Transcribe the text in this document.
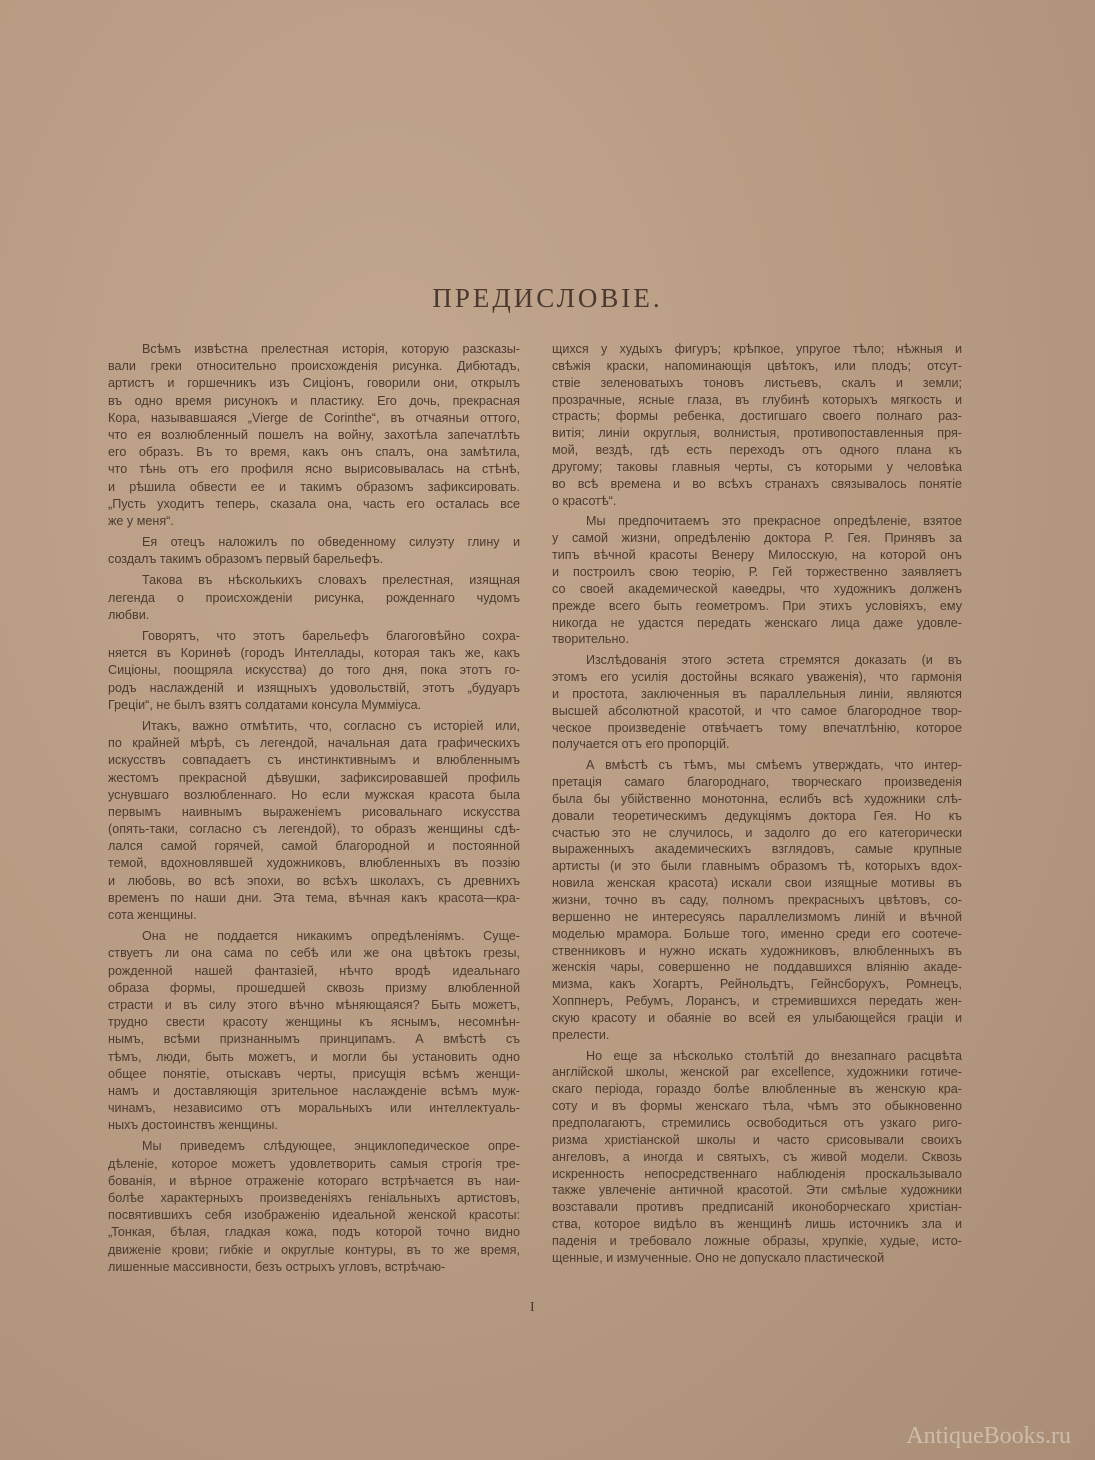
ПРЕДИСЛОВІЕ.
Всѣмъ извѣстна прелестная исторія, которую разсказы-
вали греки относительно происхожденія рисунка. Дибютадъ,
артистъ и горшечникъ изъ Сиціонъ, говорили они, открылъ
въ одно время рисунокъ и пластику. Его дочь, прекрасная
Кора, называвшаяся „Vierge de Corinthe“, въ отчаяньи оттого,
что ея возлюбленный пошелъ на войну, захотѣла запечатлѣть
его образъ. Въ то время, какъ онъ спалъ, она замѣтила,
что тѣнь отъ его профиля ясно вырисовывалась на стѣнѣ,
и рѣшила обвести ее и такимъ образомъ зафиксировать.
„Пусть уходитъ теперь, сказала она, часть его осталась все
же у меня“.
Ея отецъ наложилъ по обведенному силуэту глину и
создалъ такимъ образомъ первый барельефъ.
Такова въ нѣсколькихъ словахъ прелестная, изящная
легенда о происхожденіи рисунка, рожденнаго чудомъ
любви.
Говорятъ, что этотъ барельефъ благоговѣйно сохра-
няется въ Коринѳѣ (городъ Интеллады, которая такъ же, какъ
Сиціоны, поощряла искусства) до того дня, пока этотъ го-
родъ наслажденій и изящныхъ удовольствій, этотъ „будуаръ
Греціи“, не былъ взятъ солдатами консула Мумміуса.
Итакъ, важно отмѣтить, что, согласно съ исторіей или,
по крайней мѣрѣ, съ легендой, начальная дата графическихъ
искусствъ совпадаетъ съ инстинктивнымъ и влюбленнымъ
жестомъ прекрасной дѣвушки, зафиксировавшей профиль
уснувшаго возлюбленнаго. Но если мужская красота была
первымъ наивнымъ выраженіемъ рисовальнаго искусства
(опять-таки, согласно съ легендой), то образъ женщины сдѣ-
лался самой горячей, самой благородной и постоянной
темой, вдохновлявшей художниковъ, влюбленныхъ въ поэзію
и любовь, во всѣ эпохи, во всѣхъ школахъ, съ древнихъ
временъ по наши дни. Эта тема, вѣчная какъ красота—кра-
сота женщины.
Она не поддается никакимъ опредѣленіямъ. Суще-
ствуетъ ли она сама по себѣ или же она цвѣтокъ грезы,
рожденной нашей фантазіей, нѣчто вродѣ идеальнаго
образа формы, прошедшей сквозь призму влюбленной
страсти и въ силу этого вѣчно мѣняющаяся? Быть можетъ,
трудно свести красоту женщины къ яснымъ, несомнѣн-
нымъ, всѣми признаннымъ принципамъ. А вмѣстѣ съ
тѣмъ, люди, быть можетъ, и могли бы установить одно
общее понятіе, отыскавъ черты, присущія всѣмъ женщи-
намъ и доставляющія зрительное наслажденіе всѣмъ муж-
чинамъ, независимо отъ моральныхъ или интеллектуаль-
ныхъ достоинствъ женщины.
Мы приведемъ слѣдующее, энциклопедическое опре-
дѣленіе, которое можетъ удовлетворить самыя строгія тре-
бованія, и вѣрное отраженіе котораго встрѣчается въ наи-
болѣе характерныхъ произведеніяхъ геніальныхъ артистовъ,
посвятившихъ себя изображенію идеальной женской красоты:
„Тонкая, бѣлая, гладкая кожа, подъ которой точно видно
движеніе крови; гибкіе и округлые контуры, въ то же время,
лишенные массивности, безъ острыхъ угловъ, встрѣчаю-
щихся у худыхъ фигуръ; крѣпкое, упругое тѣло; нѣжныя и
свѣжія краски, напоминающія цвѣтокъ, или плодъ; отсут-
ствіе зеленоватыхъ тоновъ листьевъ, скалъ и земли;
прозрачные, ясные глаза, въ глубинѣ которыхъ мягкость и
страсть; формы ребенка, достигшаго своего полнаго раз-
витія; линіи округлыя, волнистыя, противопоставленныя пря-
мой, вездѣ, гдѣ есть переходъ отъ одного плана къ
другому; таковы главныя черты, съ которыми у человѣка
во всѣ времена и во всѣхъ странахъ связывалось понятіе
о красотѣ“.
Мы предпочитаемъ это прекрасное опредѣленіе, взятое
у самой жизни, опредѣленію доктора Р. Гея. Принявъ за
типъ вѣчной красоты Венеру Милосскую, на которой онъ
и построилъ свою теорію, Р. Гей торжественно заявляетъ
со своей академической каѳедры, что художникъ долженъ
прежде всего быть геометромъ. При этихъ условіяхъ, ему
никогда не удастся передать женскаго лица даже удовле-
творительно.
Изслѣдованія этого эстета стремятся доказать (и въ
этомъ его усилія достойны всякаго уваженія), что гармонія
и простота, заключенныя въ параллельныя линіи, являются
высшей абсолютной красотой, и что самое благородное твор-
ческое произведеніе отвѣчаетъ тому впечатлѣнію, которое
получается отъ его пропорцій.
А вмѣстѣ съ тѣмъ, мы смѣемъ утверждать, что интер-
претація самаго благороднаго, творческаго произведенія
была бы убійственно монотонна, еслибъ всѣ художники слѣ-
довали теоретическимъ дедукціямъ доктора Гея. Но къ
счастью это не случилось, и задолго до его категорически
выраженныхъ академическихъ взглядовъ, самые крупные
артисты (и это были главнымъ образомъ тѣ, которыхъ вдох-
новила женская красота) искали свои изящные мотивы въ
жизни, точно въ саду, полномъ прекрасныхъ цвѣтовъ, со-
вершенно не интересуясь параллелизмомъ линій и вѣчной
моделью мрамора. Больше того, именно среди его соотече-
ственниковъ и нужно искать художниковъ, влюбленныхъ въ
женскія чары, совершенно не поддавшихся вліянію акаде-
мизма, какъ Хогартъ, Рейнольдтъ, Гейнсборухъ, Ромнецъ,
Хоппнеръ, Ребумъ, Лорансъ, и стремившихся передать жен-
скую красоту и обаяніе во всей ея улыбающейся граціи и
прелести.
Но еще за нѣсколько столѣтій до внезапнаго расцвѣта
англійской школы, женской par excellence, художники готиче-
скаго періода, гораздо болѣе влюбленные въ женскую кра-
соту и въ формы женскаго тѣла, чѣмъ это обыкновенно
предполагаютъ, стремились освободиться отъ узкаго риго-
ризма христіанской школы и часто срисовывали своихъ
ангеловъ, а иногда и святыхъ, съ живой модели. Сквозь
искренность непосредственнаго наблюденія проскальзывало
также увлеченіе античной красотой. Эти смѣлые художники
возставали противъ предписаній иконоборческаго христіан-
ства, которое видѣло въ женщинѣ лишь источникъ зла и
паденія и требовало ложные образы, хрупкіе, худые, исто-
щенные, и измученные. Оно не допускало пластической
I
AntiqueBooks.ru
